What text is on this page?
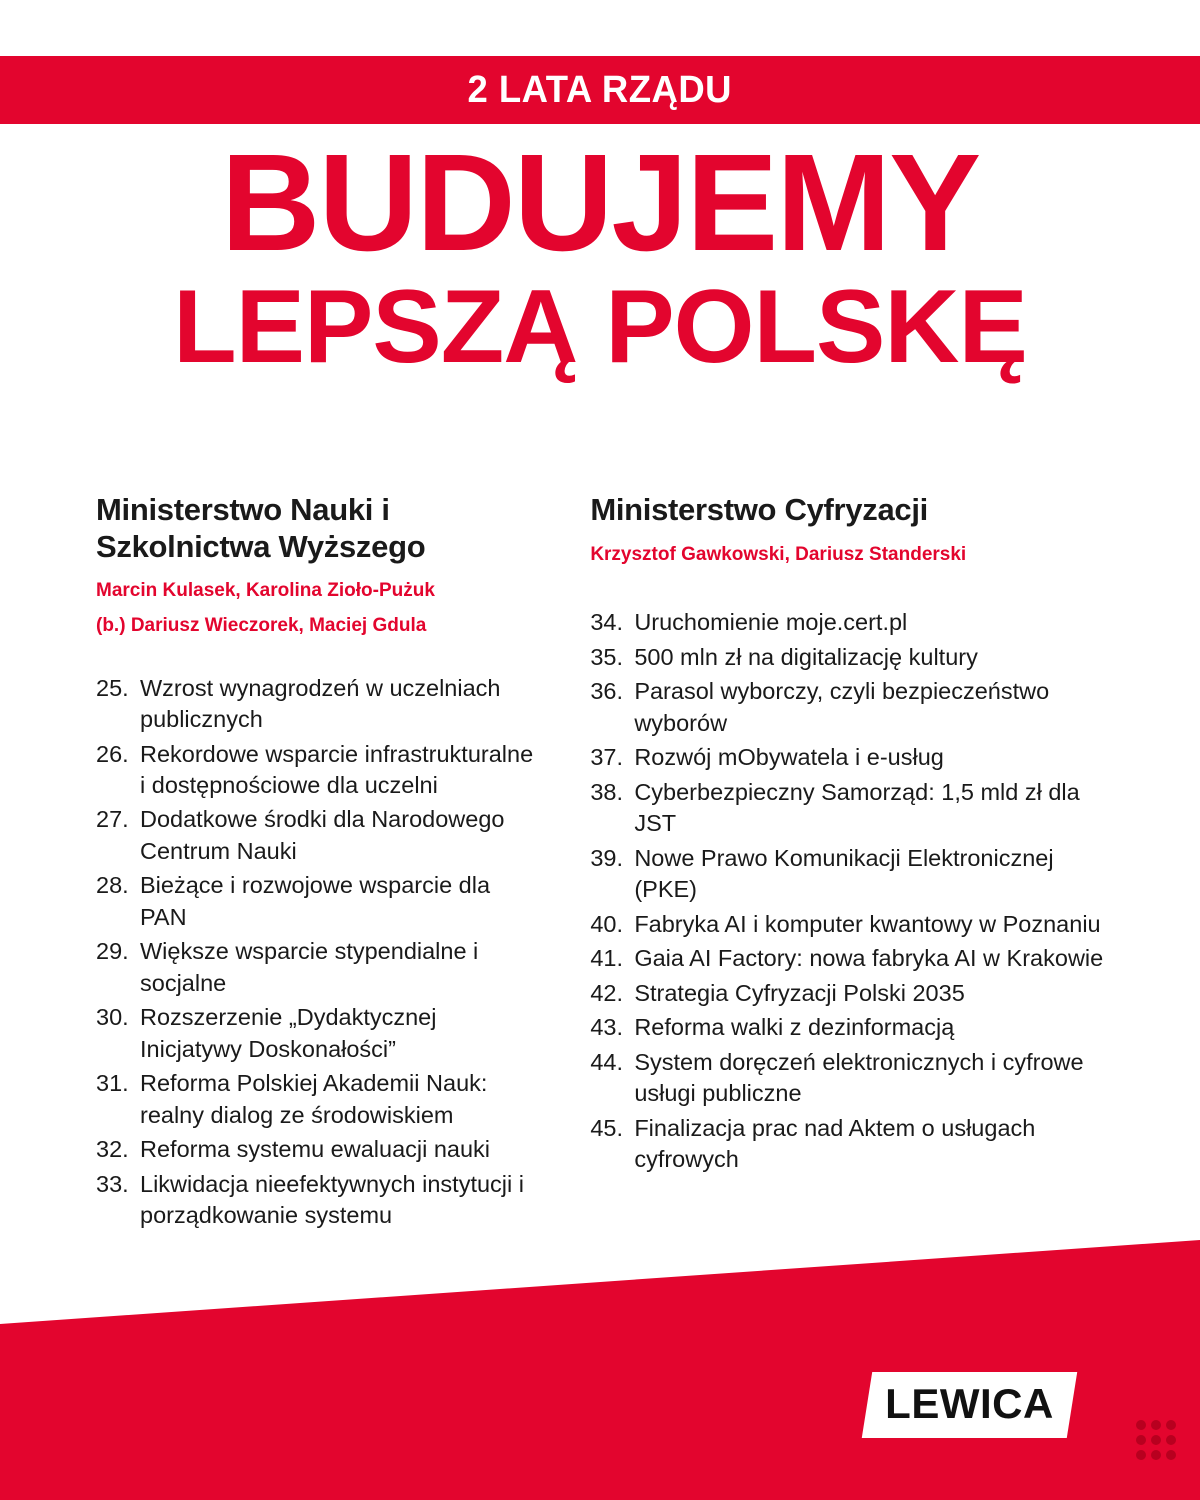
2 LATA RZĄDU
BUDUJEMY
LEPSZĄ POLSKĘ
Ministerstwo Nauki i Szkolnictwa Wyższego
Marcin Kulasek, Karolina Zioło-Pużuk
(b.) Dariusz Wieczorek, Maciej Gdula
25. Wzrost wynagrodzeń w uczelniach publicznych
26. Rekordowe wsparcie infrastrukturalne i dostępnościowe dla uczelni
27. Dodatkowe środki dla Narodowego Centrum Nauki
28. Bieżące i rozwojowe wsparcie dla PAN
29. Większe wsparcie stypendialne i socjalne
30. Rozszerzenie „Dydaktycznej Inicjatywy Doskonałości”
31. Reforma Polskiej Akademii Nauk: realny dialog ze środowiskiem
32. Reforma systemu ewaluacji nauki
33. Likwidacja nieefektywnych instytucji i porządkowanie systemu
Ministerstwo Cyfryzacji
Krzysztof Gawkowski, Dariusz Standerski
34. Uruchomienie moje.cert.pl
35. 500 mln zł na digitalizację kultury
36. Parasol wyborczy, czyli bezpieczeństwo wyborów
37. Rozwój mObywatela i e-usług
38. Cyberbezpieczny Samorząd: 1,5 mld zł dla JST
39. Nowe Prawo Komunikacji Elektronicznej (PKE)
40. Fabryka AI i komputer kwantowy w Poznaniu
41. Gaia AI Factory: nowa fabryka AI w Krakowie
42. Strategia Cyfryzacji Polski 2035
43. Reforma walki z dezinformacją
44. System doręczeń elektronicznych i cyfrowe usługi publiczne
45. Finalizacja prac nad Aktem o usługach cyfrowych
LEWICA
